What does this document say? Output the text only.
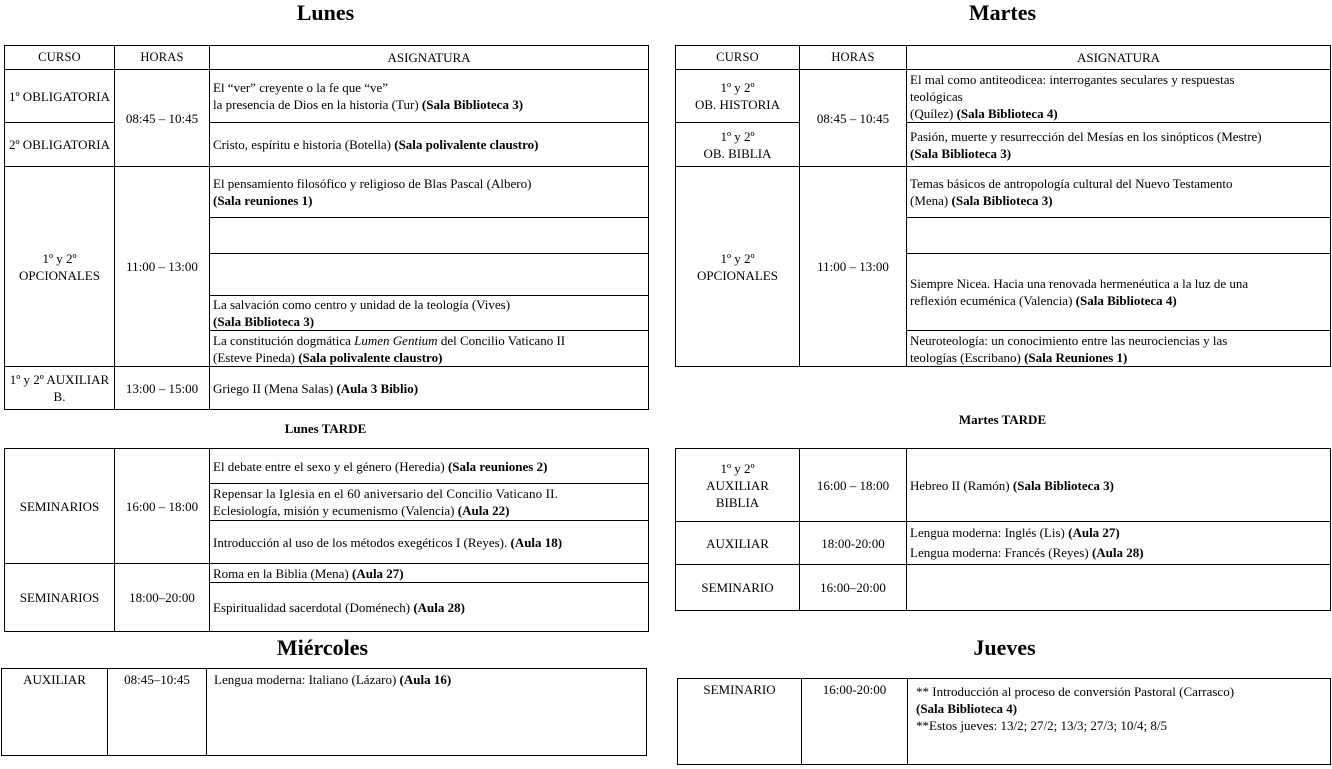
Lunes
CURSO	HORAS	ASIGNATURA
1º OBLIGATORIA	08:45 – 10:45	El “ver” creyente o la fe que “ve”
la presencia de Dios en la historia (Tur) (Sala Biblioteca 3)
2º OBLIGATORIA		Cristo, espíritu e historia (Botella) (Sala polivalente claustro)
1º y 2º OPCIONALES	11:00 – 13:00	El pensamiento filosófico y religioso de Blas Pascal (Albero)
(Sala reuniones 1)

		La salvación como centro y unidad de la teología (Vives)
(Sala Biblioteca 3)
		La constitución dogmática Lumen Gentium del Concilio Vaticano II
(Esteve Pineda) (Sala polivalente claustro)
1º y 2º AUXILIAR B.	13:00 – 15:00	Griego II (Mena Salas) (Aula 3 Biblio)
Lunes TARDE
SEMINARIOS	16:00 – 18:00	El debate entre el sexo y el género (Heredia) (Sala reuniones 2)

		Repensar la Iglesia en el 60 aniversario del Concilio Vaticano II.
Eclesiología, misión y ecumenismo (Valencia) (Aula 22)
		Introducción al uso de los métodos exegéticos I (Reyes). (Aula 18)
SEMINARIOS	18:00–20:00	Roma en la Biblia (Mena) (Aula 27)
		Espiritualidad sacerdotal (Doménech) (Aula 28)
Martes
CURSO	HORAS	ASIGNATURA
1º y 2º
OB. HISTORIA	08:45 – 10:45	El mal como antiteodicea: interrogantes seculares y respuestas
teológicas
(Quílez) (Sala Biblioteca 4)
1º y 2º
OB. BIBLIA		Pasión, muerte y resurrección del Mesías en los sinópticos (Mestre)
(Sala Biblioteca 3)
1º y 2º
OPCIONALES	11:00 – 13:00	Temas básicos de antropología cultural del Nuevo Testamento
(Mena) (Sala Biblioteca 3)

		Siempre Nicea. Hacia una renovada hermenéutica a la luz de una
reflexión ecuménica (Valencia) (Sala Biblioteca 4)
		Neuroteología: un conocimiento entre las neurociencias y las
teologías (Escribano) (Sala Reuniones 1)
Martes TARDE
1º y 2º
AUXILIAR
BIBLIA	16:00 – 18:00	Hebreo II (Ramón) (Sala Biblioteca 3)
AUXILIAR	18:00-20:00	Lengua moderna: Inglés (Lis) (Aula 27)
Lengua moderna: Francés (Reyes) (Aula 28)
SEMINARIO	16:00–20:00	
Miércoles
AUXILIAR	08:45–10:45	Lengua moderna: Italiano (Lázaro) (Aula 16)
Jueves
SEMINARIO	16:00-20:00	** Introducción al proceso de conversión Pastoral (Carrasco)
(Sala Biblioteca 4)
**Estos jueves: 13/2; 27/2; 13/3; 27/3; 10/4; 8/5
